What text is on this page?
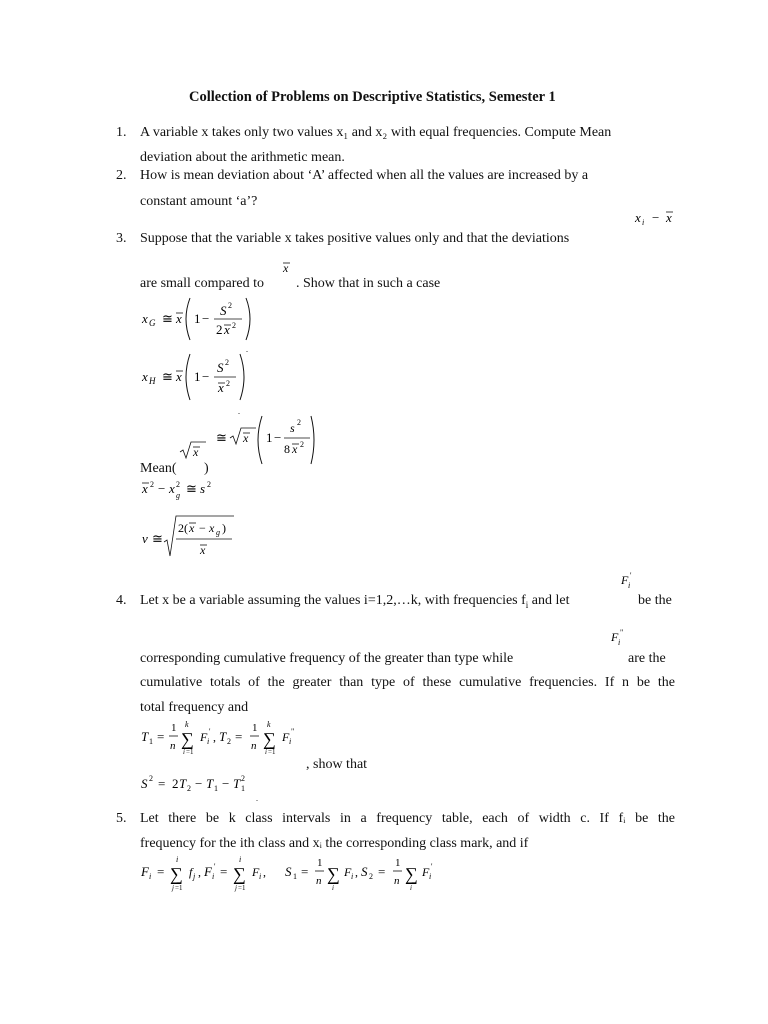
Collection of Problems on Descriptive Statistics, Semester 1
1. A variable x takes only two values x₁ and x₂ with equal frequencies. Compute Mean
deviation about the arithmetic mean.
2. How is mean deviation about ‘A’ affected when all the values are increased by a
constant amount ‘a’?
x i − x
3. Suppose that the variable x takes positive values only and that the deviations
x
are small compared to . Show that in such a case
x G ≅ x 1 −
S 2
2 x 2
x H ≅ x 1 −
S 2
x 2
.
.
x
≅ x 1 −
s 2
8 x 2
Mean( )
x 2 − x 2
g ≅ s 2
v ≅
2( x − x g )
x
F i
'
4. Let x be a variable assuming the values i=1,2,…k, with frequencies $f_i$ and let	be the
F i
"
corresponding cumulative frequency of the greater than type while	are the
cumulative totals of the greater than type of these cumulative frequencies. If n be the
total frequency and
T 1 =
1
n
k
∑
i =1
F i
' , T 2 =
1
n
k
∑
i =1
F i
"
, show that
S 2 = 2 T 2 − T 1 − T 1
2
.
5. Let there be k class intervals in a frequency table, each of width c. If fᵢ be the
frequency for the ith class and xᵢ the corresponding class mark, and if
F i =
i
∑
j =1
f j , F i
' =
i
∑
j =1
F i , S 1 =
1
n ∑
i
F i , S 2 =
1
n ∑
i
F i
'
